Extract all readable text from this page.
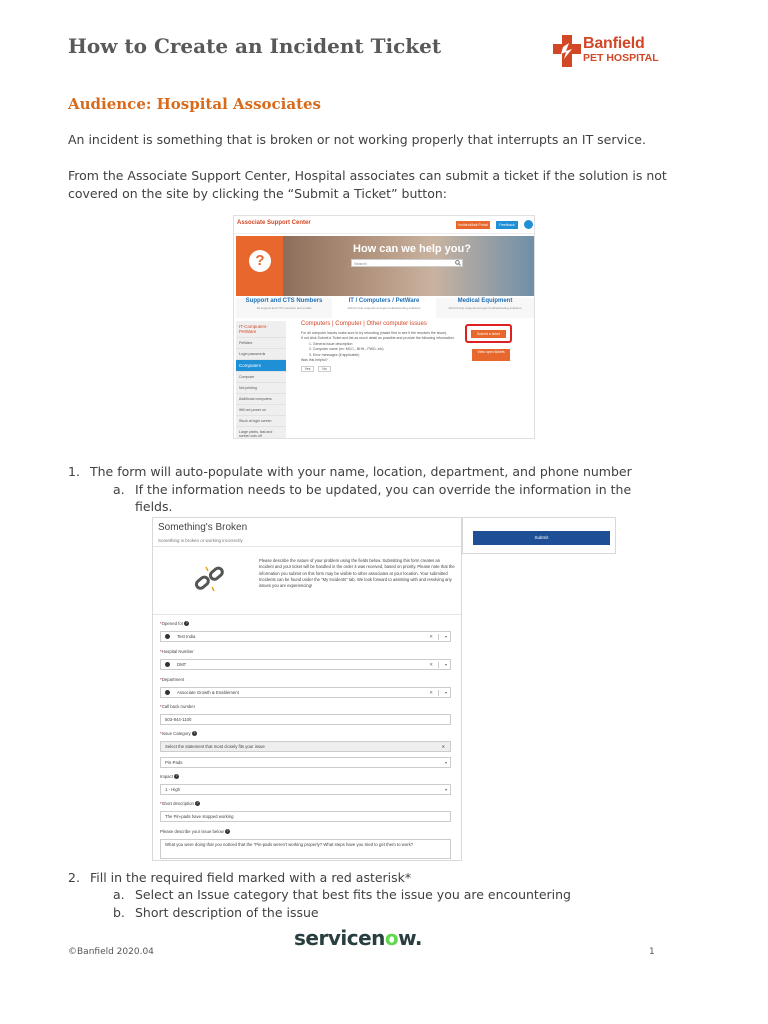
How to Create an Incident Ticket	Banfield
PET HOSPITAL
Audience: Hospital Associates
An incident is something that is broken or not working properly that interrupts an IT service.
From the Associate Support Center, Hospital associates can submit a ticket if the solution is not covered on the site by clicking the “Submit a Ticket” button:
Associate Support Center	Incident/Ask Portal	Feedback
?
How can we help you?
Search
Support and CTS Numbers
All support and CTS numbers and emails
IT / Computers / PetWare
Submit help requests and get troubleshooting solutions
Medical Equipment
Submit help requests and get troubleshooting solutions
IT-Computers-PetWare
PetWare
Login passwords
Computers
Computer
Not printing
Additional computers
Will not power on
Stuck at login screen
Large pixels, fast and screen cuts off
Computers | Computer | Other computer issues
For all computer issues make sure to try rebooting (shake first to see if the resolves the issue).
If not click Submit a Ticket and list as much detail as possible and provide the following information:
1. General issue description
2. Computer name (ex: MCC-, BHH-, PWD- etc)
3. Error messages (if applicable)
Was this helpful?
Yes	No
Submit a ticket
View open tickets
1. The form will auto-populate with your name, location, department, and phone number
a. If the information needs to be updated, you can override the information in the
fields.
Something's Broken
Something is broken or working incorrectly
Please describe the nature of your problem using the fields below. Submitting this form creates an Incident and your ticket will be handled in the order it was received, based on priority. Please note that the information you submit on this form may be visible to other associates at your location. Your submitted Incidents can be found under the "My Incidents" tab. We look forward to assisting with and resolving any issues you are experiencing!
*Opened for ?
Test India	✕	▾
*Hospital Number
DMT	✕	▾
*Department
Associate Growth & Enablement	✕	▾
*Call back number
503-844-1100
*Issue Category ?
Select the statement that most closely fits your issue	✕
Pin-Pads	▾
Impact ?
1 - High	▾
*Short description ?
The Pin-pads have stopped working
Please describe your issue below ?
What you were doing that you noticed that the "Pin-pads weren't working properly? What steps have you tried to get them to work?
Submit
2. Fill in the required field marked with a red asterisk*
a. Select an Issue category that best fits the issue you are encountering
b. Short description of the issue
©Banfield 2020.04
servicenow.
1
